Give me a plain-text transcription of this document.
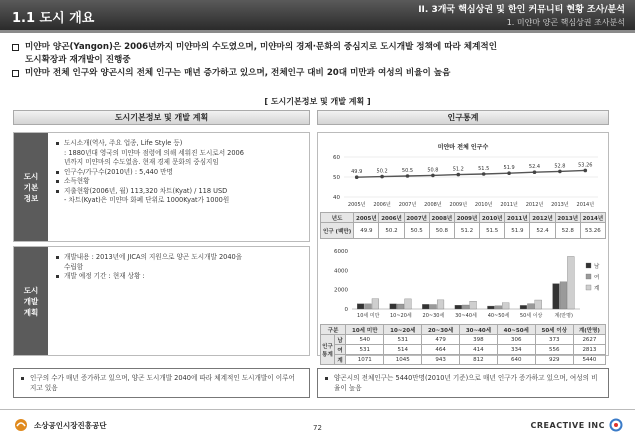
1.1 도시 개요
II. 3개국 핵심상권 및 한인 커뮤니티 현황 조사/분석
1. 미얀마 양곤 핵심상권 조사분석
미얀마 양곤(Yangon)은 2006년까지 미얀마의 수도였으며, 미얀마의 경제·문화의 중심지로 도시개발 정책에 따라 체계적인
도시확장과 재개발이 진행중
미얀마 전체 인구와 양곤시의 전체 인구는 매년 증가하고 있으며, 전체인구 대비 20대 미만과 여성의 비율이 높음
[ 도시기본정보 및 개발 계획 ]
도시기본정보 및 개발 계획	인구통계
도시
기본
정보
도시소개(역사, 주요 업종, Life Style 등)
: 1880년대 영국의 미얀마 점령에 의해 세워진 도시로서 2006
년까지 미얀마의 수도였음. 현재 경제 문화의 중심지임
인구수/가구수(2010년) : 5,440 만명
소득현황
지출현황(2006년, 월) 113,320 차트(Kyat) / 118 USD
- 차트(Kyat)은 미얀마 화폐 단위로 1000Kyat가 1000원
도시
개발
계획
개발내용 : 2013년에 JICA의 지원으로 양곤 도시개발 2040을
수립함
개발 예정 기간 : 현재 상황 :
미얀마 전체 인구수
60
50
40
49.9	50.2	50.5	50.8	51.2	51.5	51.9	52.4	52.8	53.26
2005년 2006년 2007년 2008년 2009년 2010년 2011년 2012년 2013년 2014년
년도	2005년	2006년	2007년	2008년	2009년	2010년	2011년	2012년	2013년	2014년
인구 (백만)	49.9	50.2	50.5	50.8	51.2	51.5	51.9	52.4	52.8	53.26
6000
4000
2000
0
10세 미만 10~20세 20~30세 30~40세 40~50세 50세 이상 계(만명)
남
여
계
구분		10세 미만	10~20세	20~30세	30~40세	40~50세	50세 이상	계(만명)
인구 통계	남	540	531	479	398	306	373	2627
	여	531	514	464	414	334	556	2813
	계	1071	1045	943	812	640	929	5440
인구의 수가 매년 증가하고 있으며, 양곤 도시개발 2040에 따라 체계적인 도시개발이 이루어 지고 있음
양곤시의 전체인구는 5440만명(2010년 기준)으로 매년 인구가 증가하고 있으며, 여성의 비율이 높음
소상공인시장진흥공단	72	CREACTIVE INC
